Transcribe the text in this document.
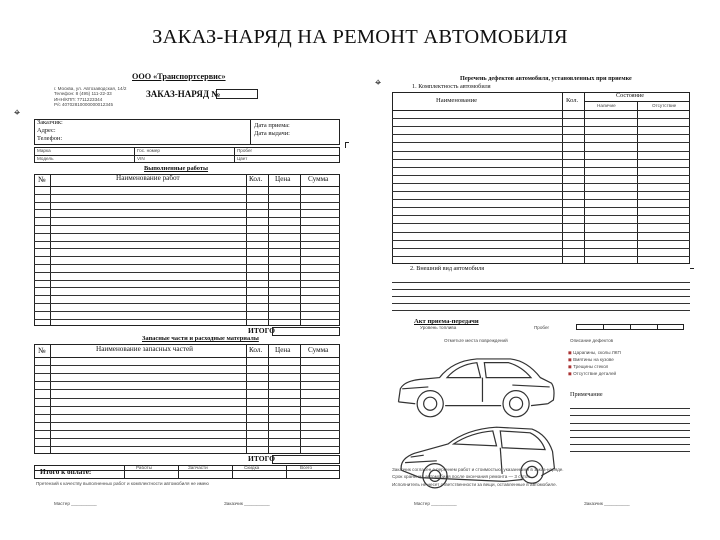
ЗАКАЗ-НАРЯД НА РЕМОНТ АВТОМОБИЛЯ
ООО «Транспортсервис»
г. Москва, ул. Автозаводская, 14/2
Телефон: 8 (495) 111-22-33
ИНН/КПП: 7711223344
Р/с 40702810000000012345
ЗАКАЗ-НАРЯД №
⌖
Заказчик:
Адрес:
Телефон:
Дата приема:
Дата выдачи:
Марка	Гос. номер	Пробег
Модель	VIN	Цвет
Выполненные работы
№	Наименование работ	Кол. Цена Сумма
ИТОГО
Запасные части и расходные материалы
№	Наименование запасных частей	Кол. Цена Сумма
ИТОГО
Итого к оплате:
Работы	Запчасти	Скидка	Всего
Претензий к качеству выполненных работ и комплектности автомобиля не имею
Мастер __________	Заказчик __________
⌖	Перечень дефектов автомобиля, установленных при приемке
1. Комплектность автомобиля
Наименование	Кол.
Состояние
Наличие	Отсутствие
2. Внешний вид автомобиля
Акт приема-передачи
Уровень топлива	Пробег
Отметьте места повреждений	Описание дефектов
◼ Царапины, сколы ЛКП
◼ Вмятины на кузове
◼ Трещины стекол
◼ Отсутствие деталей
Примечание
Заказчик согласен с перечнем работ и стоимостью, указанными в заказ-наряде.
Срок хранения автомобиля после окончания ремонта — 3 суток.
Исполнитель не несет ответственности за вещи, оставленные в автомобиле.
Мастер __________	Заказчик __________
